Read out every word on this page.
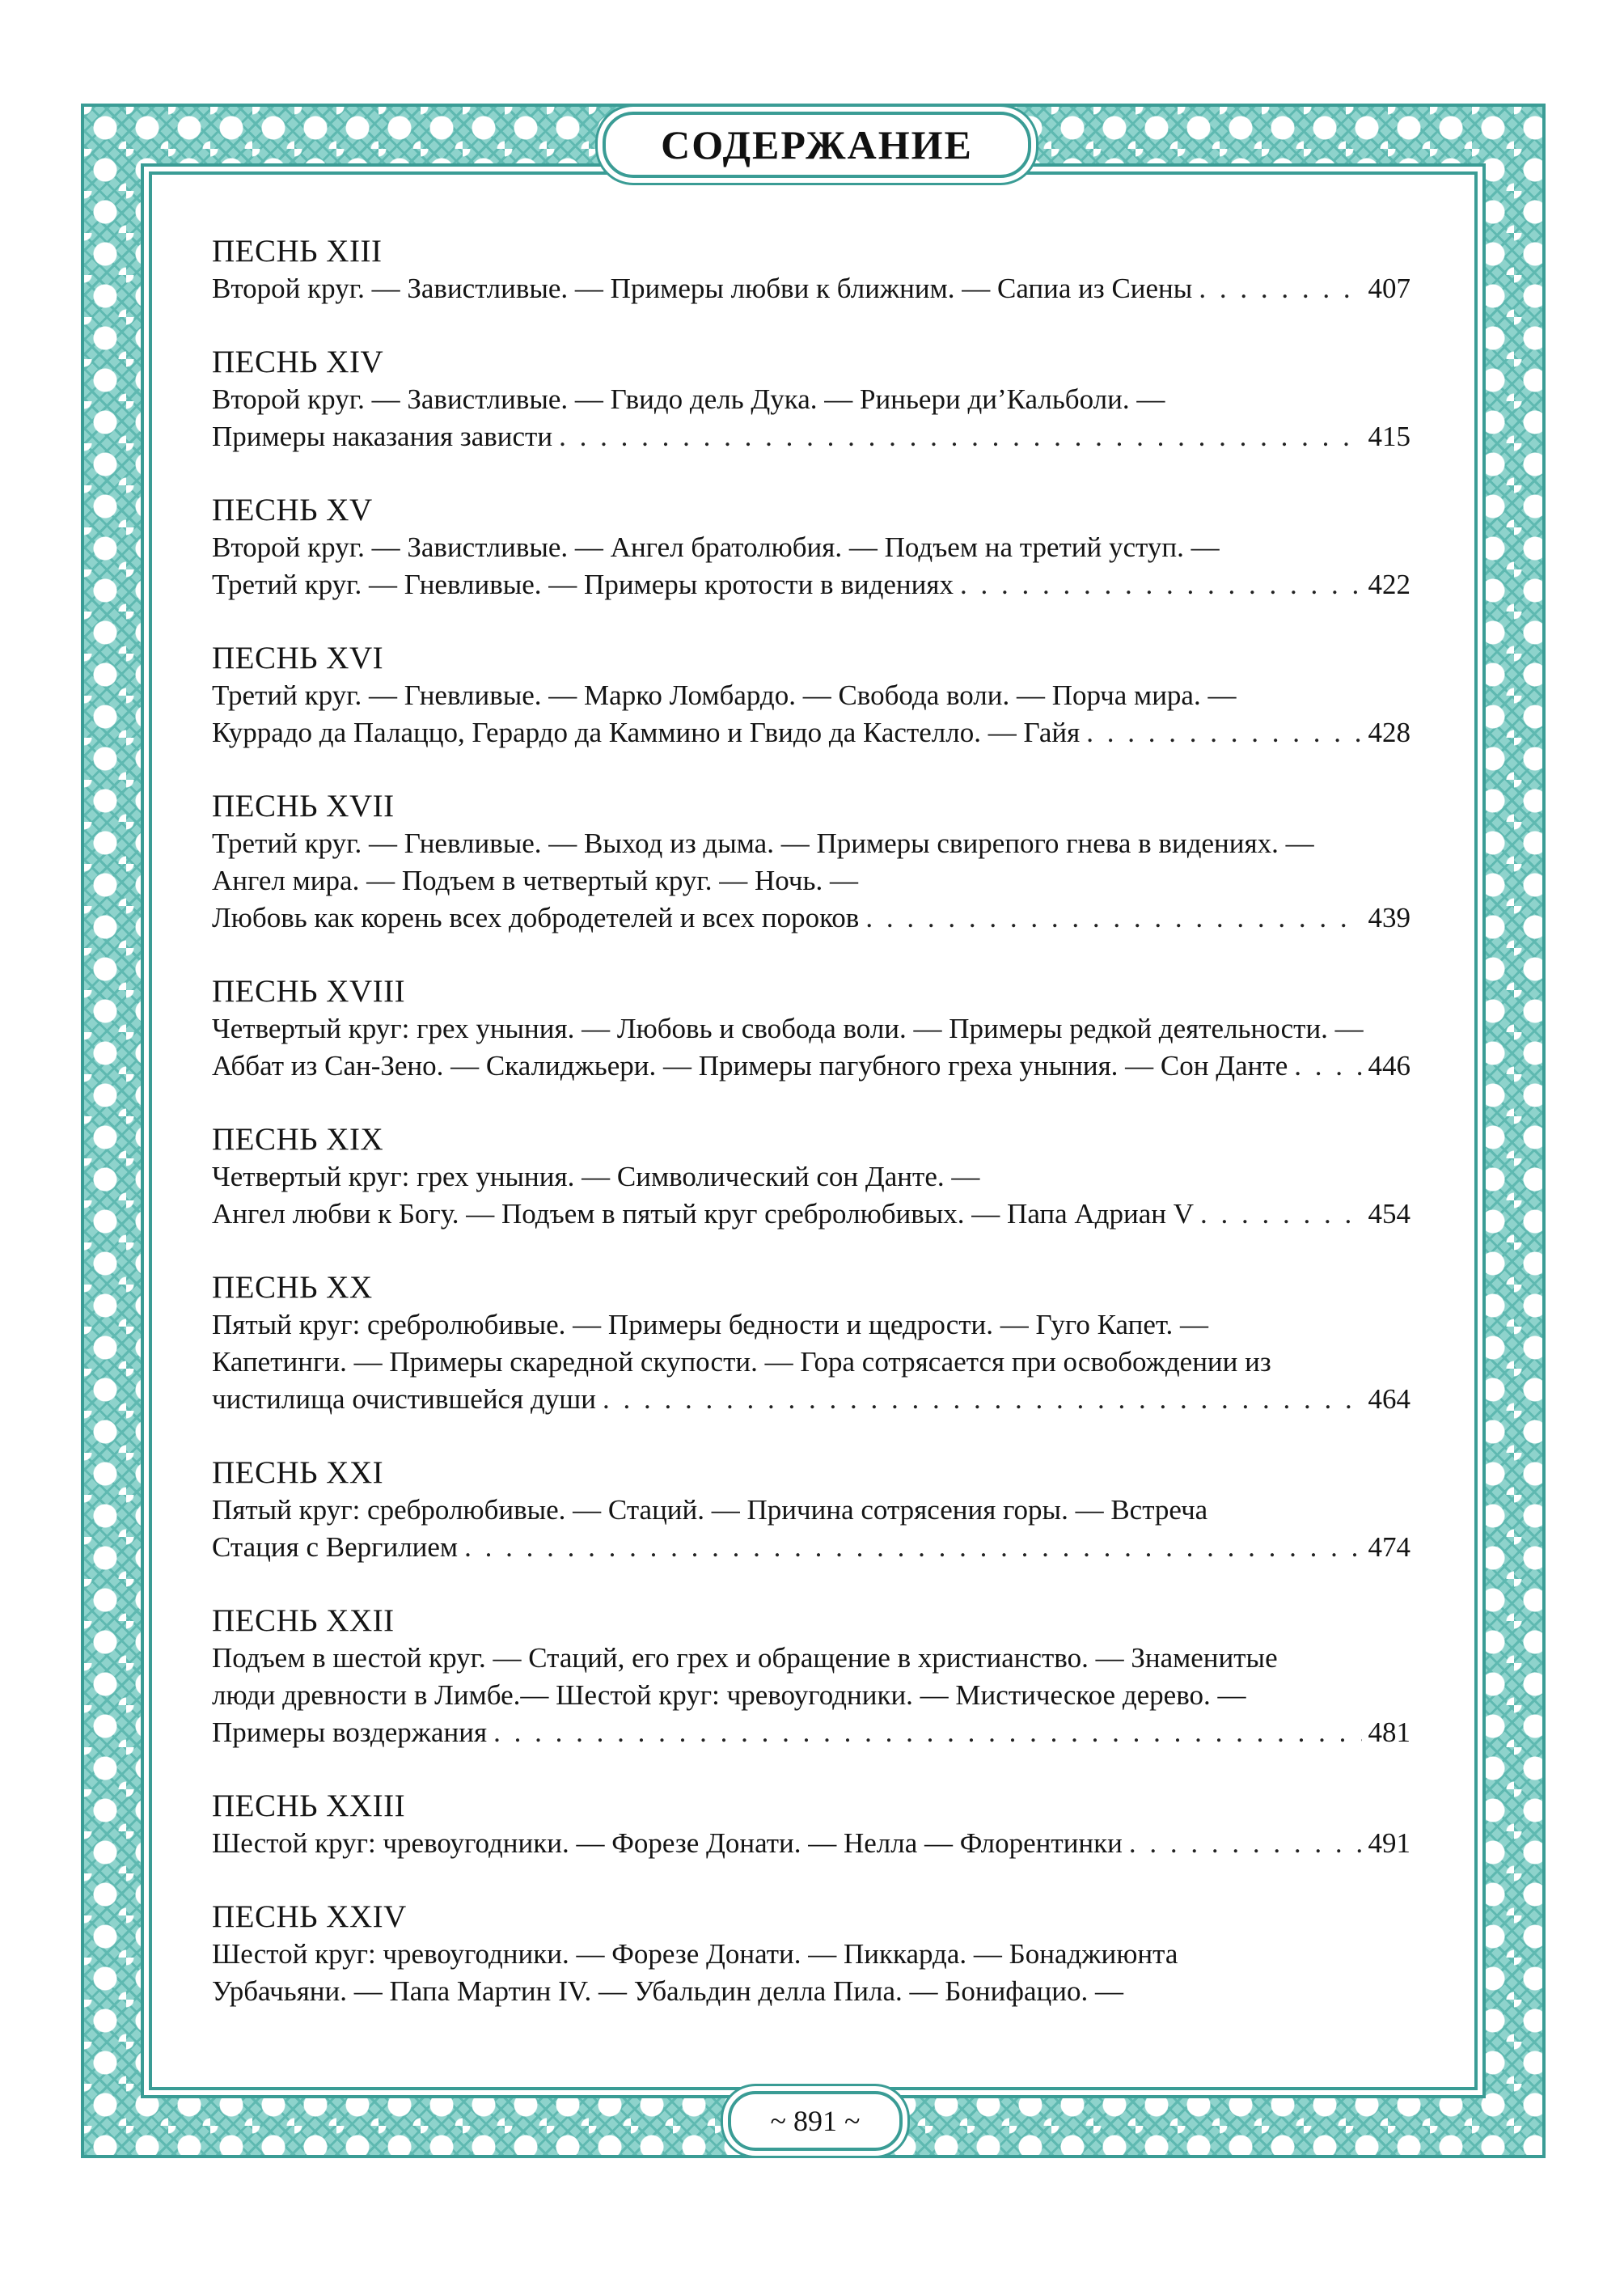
СОДЕРЖАНИЕ
ПЕСНЬ XIII
Второй круг. — Завистливые. — Примеры любви к ближним. — Сапиа из Сиены . . .	407
ПЕСНЬ XIV
Второй круг. — Завистливые. — Гвидо дель Дука. — Риньери ди’Кальболи. —
Примеры наказания зависти . . .	415
ПЕСНЬ XV
Второй круг. — Завистливые. — Ангел братолюбия. — Подъем на третий уступ. —
Третий круг. — Гневливые. — Примеры кротости в видениях . . .	422
ПЕСНЬ XVI
Третий круг. — Гневливые. — Марко Ломбардо. — Свобода воли. — Порча мира. —
Куррадо да Палаццо, Герардо да Каммино и Гвидо да Кастелло. — Гайя . . .	428
ПЕСНЬ XVII
Третий круг. — Гневливые. — Выход из дыма. — Примеры свирепого гнева в видениях. —
Ангел мира. — Подъем в четвертый круг. — Ночь. —
Любовь как корень всех добродетелей и всех пороков . . .	439
ПЕСНЬ XVIII
Четвертый круг: грех уныния. — Любовь и свобода воли. — Примеры редкой деятельности. —
Аббат из Сан-Зено. — Скалиджьери. — Примеры пагубного греха уныния. — Сон Данте . . .	446
ПЕСНЬ XIX
Четвертый круг: грех уныния. — Символический сон Данте. —
Ангел любви к Богу. — Подъем в пятый круг сребролюбивых. — Папа Адриан V . . .	454
ПЕСНЬ XX
Пятый круг: сребролюбивые. — Примеры бедности и щедрости. — Гуго Капет. —
Капетинги. — Примеры скаредной скупости. — Гора сотрясается при освобождении из
чистилища очистившейся души . . .	464
ПЕСНЬ XXI
Пятый круг: сребролюбивые. — Стаций. — Причина сотрясения горы. — Встреча
Стация с Вергилием . . .	474
ПЕСНЬ XXII
Подъем в шестой круг. — Стаций, его грех и обращение в христианство. — Знаменитые
люди древности в Лимбе.— Шестой круг: чревоугодники. — Мистическое дерево. —
Примеры воздержания . . .	481
ПЕСНЬ XXIII
Шестой круг: чревоугодники. — Форезе Донати. — Нелла — Флорентинки . . .	491
ПЕСНЬ XXIV
Шестой круг: чревоугодники. — Форезе Донати. — Пиккарда. — Бонаджиюнта
Урбачьяни. — Папа Мартин IV. — Убальдин делла Пила. — Бонифацио. —
~ 891 ~
